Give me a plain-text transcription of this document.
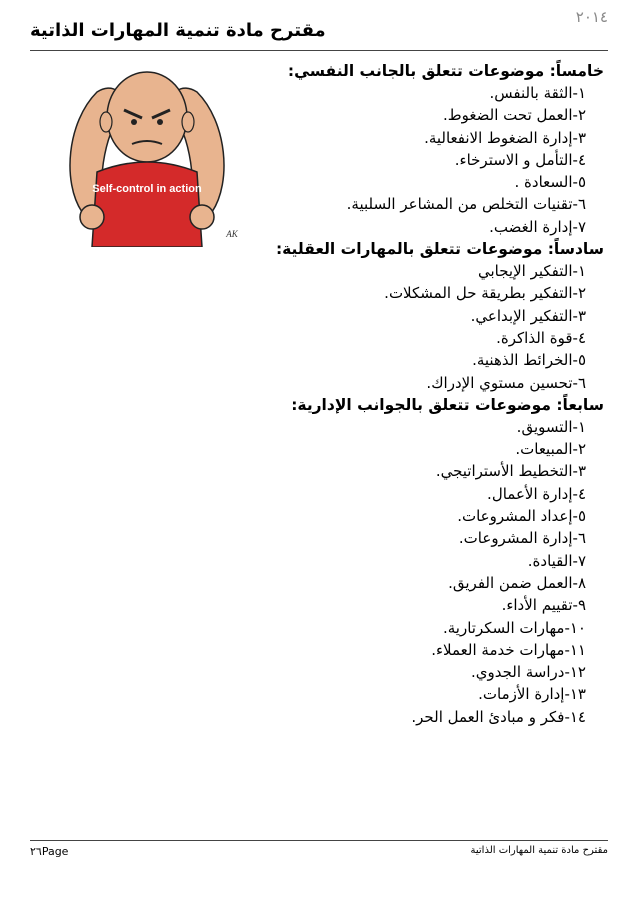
مقترح مادة تنمية المهارات الذاتية
٢٠١٤
Self-control in action
AK
خامساً: موضوعات تتعلق بالجانب النفسي:
١-الثقة بالنفس.
٢-العمل تحت الضغوط.
٣-إدارة الضغوط الانفعالية.
٤-التأمل و الاسترخاء.
٥-السعادة .
٦-تقنيات التخلص من المشاعر السلبية.
٧-إدارة الغضب.
سادساً: موضوعات تتعلق بالمهارات العقلية:
١-التفكير الإيجابي
٢-التفكير بطريقة حل المشكلات.
٣-التفكير الإبداعي.
٤-قوة الذاكرة.
٥-الخرائط الذهنية.
٦-تحسين مستوي الإدراك.
سابعاً: موضوعات تتعلق بالجوانب الإدارية:
١-التسويق.
٢-المبيعات.
٣-التخطيط الأستراتيجي.
٤-إدارة الأعمال.
٥-إعداد المشروعات.
٦-إدارة المشروعات.
٧-القيادة.
٨-العمل ضمن الفريق.
٩-تقييم الأداء.
١٠-مهارات السكرتارية.
١١-مهارات خدمة العملاء.
١٢-دراسة الجدوي.
١٣-إدارة الأزمات.
١٤-فكر و مبادئ العمل الحر.
٢٦Page	مقترح مادة تنمية المهارات الذاتية
